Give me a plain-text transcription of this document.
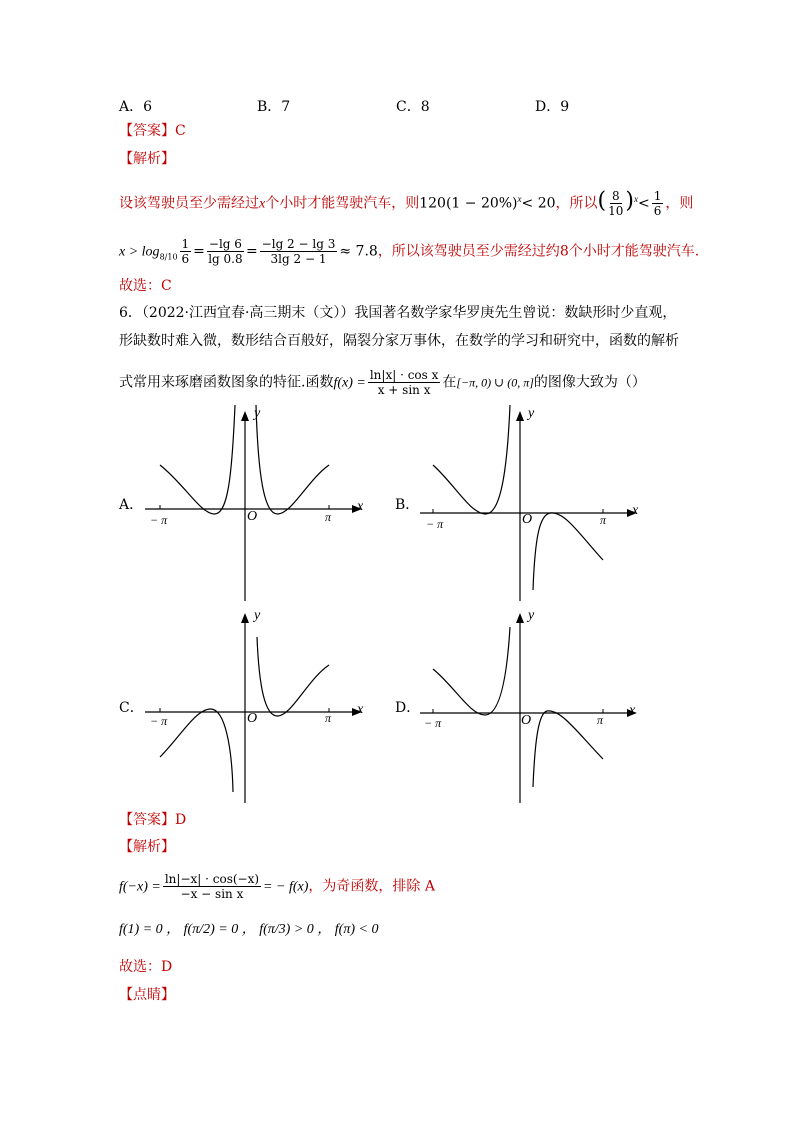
A．6	B．7	C．8	D．9
【答案】C
【解析】
设该驾驶员至少需经过x个小时才能驾驶汽车，则$120(1 - 20\%)^x< 20$，所以( $\frac{8}{10} )^x< \frac{1}{6}$ ，则
$x > \log_{8/10} \frac{1}{6} = \frac{-\lg 6}{\lg 0.8} = \frac{-\lg 2 - \lg 3}{3\lg 2 - 1} \approx 7.8$，所以该驾驶员至少需经过约8个小时才能驾驶汽车.
故选：C
6．（2022·江西宜春·高三期末（文））我国著名数学家华罗庚先生曾说：数缺形时少直观，
形缺数时难入微，数形结合百般好，隔裂分家万事休，在数学的学习和研究中，函数的解析
式常用来琢磨函数图象的特征.函数$f(x) = \frac{\text{ln|x| · cos x}}{\text{x + sin x}}$ 在[−π, 0) ∪ (0, π]的图像大致为（）
A．
− π	π
O
x
y
B．
− π	π
O
x
y
C．
− π	π
O
x
y
D．
− π	π
O
x
y
【答案】D
【解析】
$f(-x) = \frac{\ln|-x| \cdot \cos(-x)}{\text{−x − sin x}}$ = − f(x)，为奇函数，排除 A
f(1) = 0 ， f(π/2) = 0 ， f(π/3) > 0 ， f(π) < 0
故选：D
【点睛】
